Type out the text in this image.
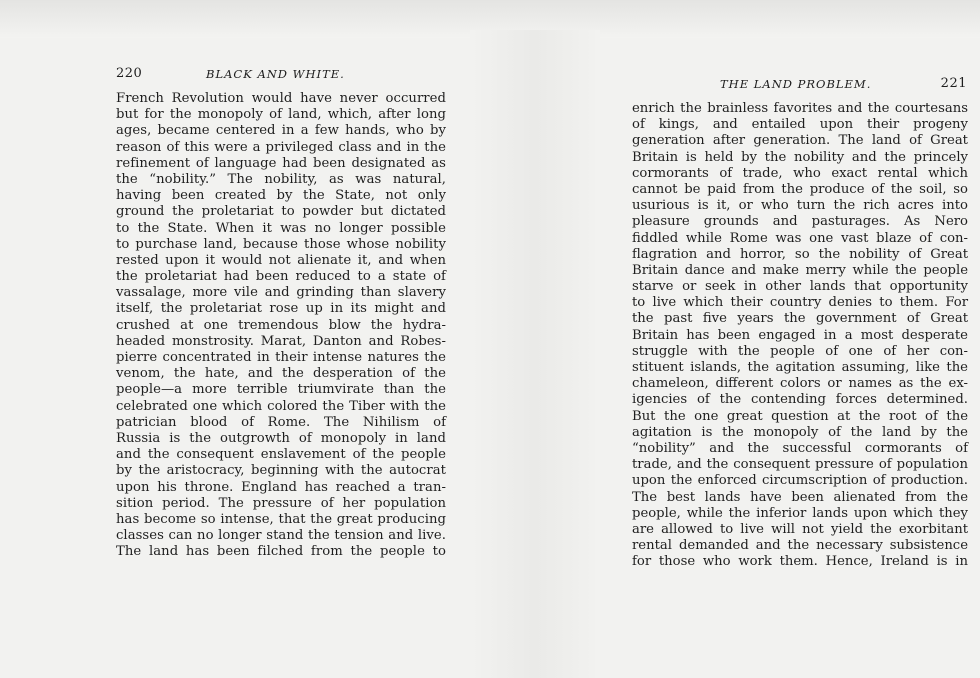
220	BLACK AND WHITE.
French Revolution would have never occurred
but for the monopoly of land, which, after long
ages, became centered in a few hands, who by
reason of this were a privileged class and in the
refinement of language had been designated as
the “nobility.” The nobility, as was natural,
having been created by the State, not only
ground the proletariat to powder but dictated
to the State. When it was no longer possible
to purchase land, because those whose nobility
rested upon it would not alienate it, and when
the proletariat had been reduced to a state of
vassalage, more vile and grinding than slavery
itself, the proletariat rose up in its might and
crushed at one tremendous blow the hydra-
headed monstrosity. Marat, Danton and Robes-
pierre concentrated in their intense natures the
venom, the hate, and the desperation of the
people—a more terrible triumvirate than the
celebrated one which colored the Tiber with the
patrician blood of Rome. The Nihilism of
Russia is the outgrowth of monopoly in land
and the consequent enslavement of the people
by the aristocracy, beginning with the autocrat
upon his throne. England has reached a tran-
sition period. The pressure of her population
has become so intense, that the great producing
classes can no longer stand the tension and live.
The land has been filched from the people to
THE LAND PROBLEM.	221
enrich the brainless favorites and the courtesans
of kings, and entailed upon their progeny
generation after generation. The land of Great
Britain is held by the nobility and the princely
cormorants of trade, who exact rental which
cannot be paid from the produce of the soil, so
usurious is it, or who turn the rich acres into
pleasure grounds and pasturages. As Nero
fiddled while Rome was one vast blaze of con-
flagration and horror, so the nobility of Great
Britain dance and make merry while the people
starve or seek in other lands that opportunity
to live which their country denies to them. For
the past five years the government of Great
Britain has been engaged in a most desperate
struggle with the people of one of her con-
stituent islands, the agitation assuming, like the
chameleon, different colors or names as the ex-
igencies of the contending forces determined.
But the one great question at the root of the
agitation is the monopoly of the land by the
“nobility” and the successful cormorants of
trade, and the consequent pressure of population
upon the enforced circumscription of production.
The best lands have been alienated from the
people, while the inferior lands upon which they
are allowed to live will not yield the exorbitant
rental demanded and the necessary subsistence
for those who work them. Hence, Ireland is in
